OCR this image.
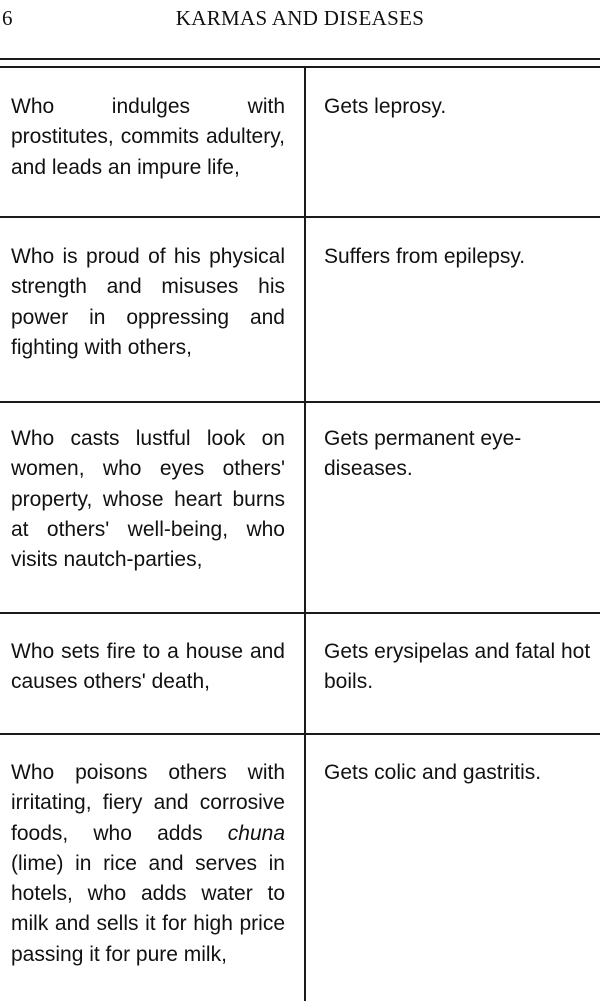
6	KARMAS AND DISEASES
Who indulges with prostitutes, commits adultery, and leads an impure life,
Gets leprosy.
Who is proud of his physical strength and misuses his power in oppressing and fighting with others,
Suffers from epilepsy.
Who casts lustful look on women, who eyes others' property, whose heart burns at others' well-being, who visits nautch-parties,
Gets permanent eye-diseases.
Who sets fire to a house and causes others' death,
Gets erysipelas and fatal hot boils.
Who poisons others with irritating, fiery and corrosive foods, who adds chuna (lime) in rice and serves in hotels, who adds water to milk and sells it for high price passing it for pure milk,
Gets colic and gastritis.
